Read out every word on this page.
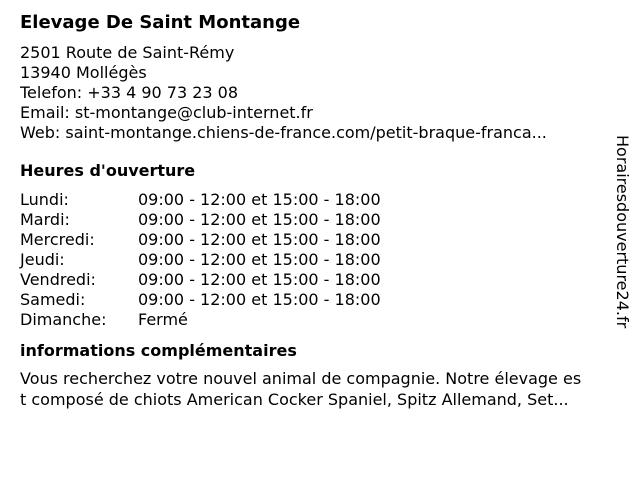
Elevage De Saint Montange
2501 Route de Saint-Rémy
13940 Mollégès
Telefon: +33 4 90 73 23 08
Email: st-montange@club-internet.fr
Web: saint-montange.chiens-de-france.com/petit-braque-franca...
Heures d'ouverture
Lundi:	09:00 - 12:00 et 15:00 - 18:00
Mardi:	09:00 - 12:00 et 15:00 - 18:00
Mercredi:	09:00 - 12:00 et 15:00 - 18:00
Jeudi:	09:00 - 12:00 et 15:00 - 18:00
Vendredi:	09:00 - 12:00 et 15:00 - 18:00
Samedi:	09:00 - 12:00 et 15:00 - 18:00
Dimanche:	Fermé
informations complémentaires
Vous recherchez votre nouvel animal de compagnie. Notre élevage es
t composé de chiots American Cocker Spaniel, Spitz Allemand, Set...
Horairesdouverture24.fr
